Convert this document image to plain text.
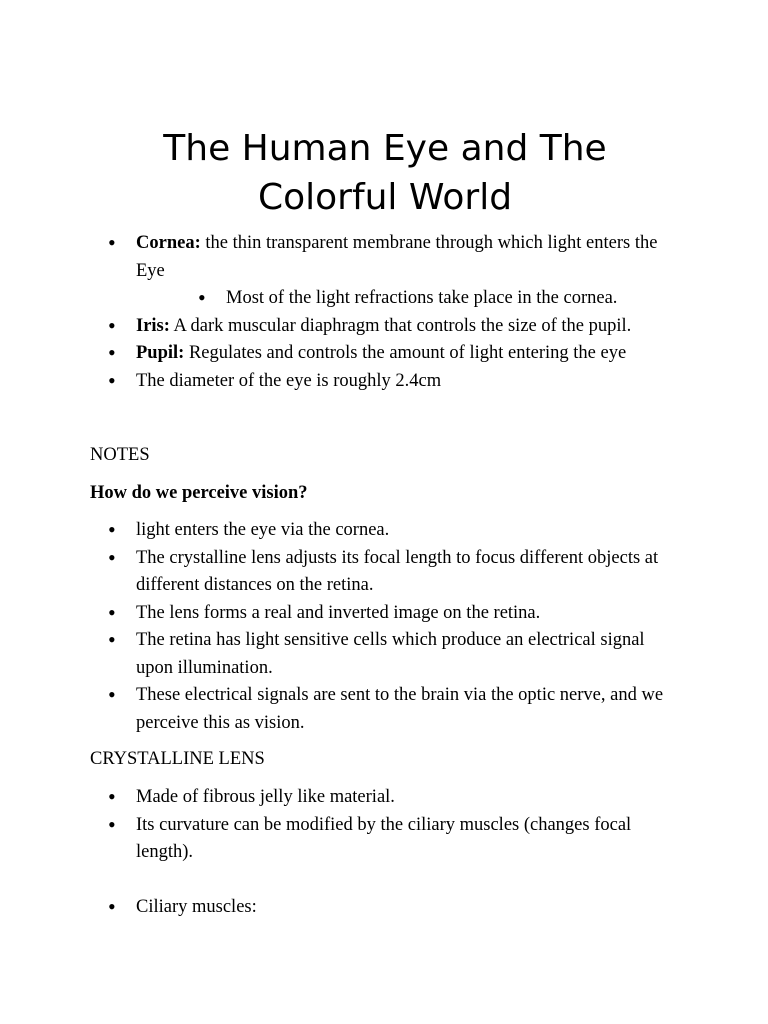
The Human Eye and The
Colorful World
• Cornea: the thin transparent membrane through which light enters the Eye
• Most of the light refractions take place in the cornea.
• Iris: A dark muscular diaphragm that controls the size of the pupil.
• Pupil: Regulates and controls the amount of light entering the eye
• The diameter of the eye is roughly 2.4cm

NOTES

How do we perceive vision?

• light enters the eye via the cornea.
• The crystalline lens adjusts its focal length to focus different objects at different distances on the retina.
• The lens forms a real and inverted image on the retina.
• The retina has light sensitive cells which produce an electrical signal upon illumination.
• These electrical signals are sent to the brain via the optic nerve, and we perceive this as vision.

CRYSTALLINE LENS

• Made of fibrous jelly like material.
• Its curvature can be modified by the ciliary muscles (changes focal length).
• Ciliary muscles:
